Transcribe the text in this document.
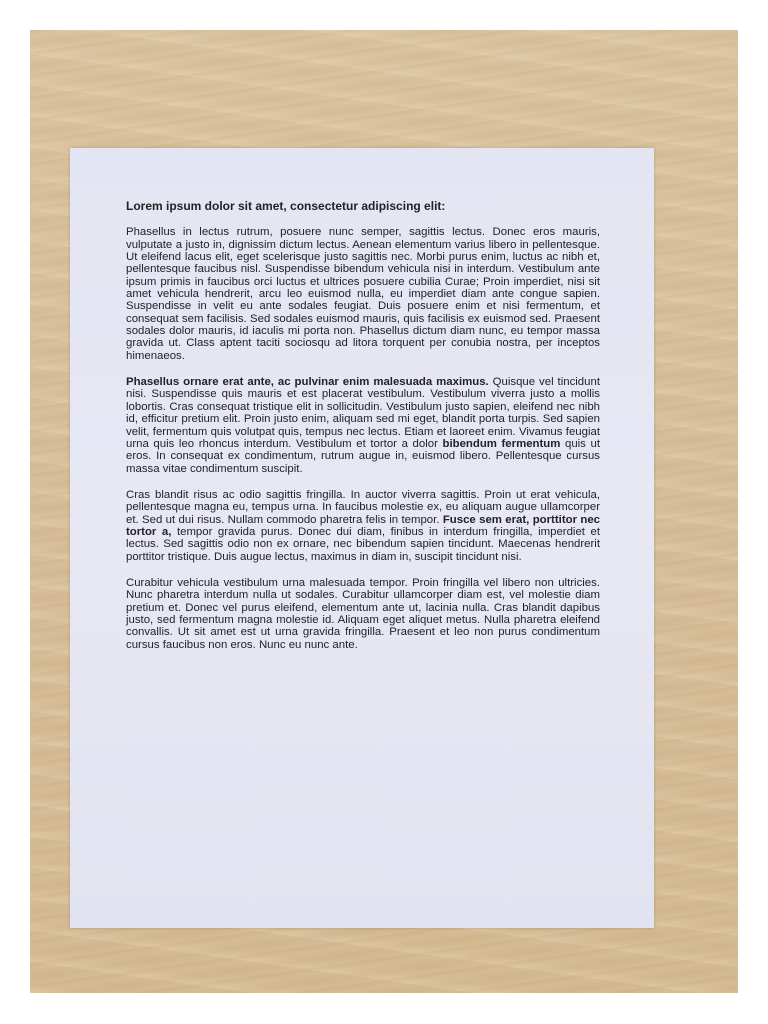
Lorem ipsum dolor sit amet, consectetur adipiscing elit:
Phasellus in lectus rutrum, posuere nunc semper, sagittis lectus. Donec eros mauris, vulputate a justo in, dignissim dictum lectus. Aenean elementum varius libero in pellentesque. Ut eleifend lacus elit, eget scelerisque justo sagittis nec. Morbi purus enim, luctus ac nibh et, pellentesque faucibus nisl. Suspendisse bibendum vehicula nisi in interdum. Vestibulum ante ipsum primis in faucibus orci luctus et ultrices posuere cubilia Curae; Proin imperdiet, nisi sit amet vehicula hendrerit, arcu leo euismod nulla, eu imperdiet diam ante congue sapien. Suspendisse in velit eu ante sodales feugiat. Duis posuere enim et nisi fermentum, et consequat sem facilisis. Sed sodales euismod mauris, quis facilisis ex euismod sed. Praesent sodales dolor mauris, id iaculis mi porta non. Phasellus dictum diam nunc, eu tempor massa gravida ut. Class aptent taciti sociosqu ad litora torquent per conubia nostra, per inceptos himenaeos.
Phasellus ornare erat ante, ac pulvinar enim malesuada maximus. Quisque vel tincidunt nisi. Suspendisse quis mauris et est placerat vestibulum. Vestibulum viverra justo a mollis lobortis. Cras consequat tristique elit in sollicitudin. Vestibulum justo sapien, eleifend nec nibh id, efficitur pretium elit. Proin justo enim, aliquam sed mi eget, blandit porta turpis. Sed sapien velit, fermentum quis volutpat quis, tempus nec lectus. Etiam et laoreet enim. Vivamus feugiat urna quis leo rhoncus interdum. Vestibulum et tortor a dolor bibendum fermentum quis ut eros. In consequat ex condimentum, rutrum augue in, euismod libero. Pellentesque cursus massa vitae condimentum suscipit.
Cras blandit risus ac odio sagittis fringilla. In auctor viverra sagittis. Proin ut erat vehicula, pellentesque magna eu, tempus urna. In faucibus molestie ex, eu aliquam augue ullamcorper et. Sed ut dui risus. Nullam commodo pharetra felis in tempor. Fusce sem erat, porttitor nec tortor a, tempor gravida purus. Donec dui diam, finibus in interdum fringilla, imperdiet et lectus. Sed sagittis odio non ex ornare, nec bibendum sapien tincidunt. Maecenas hendrerit porttitor tristique. Duis augue lectus, maximus in diam in, suscipit tincidunt nisi.
Curabitur vehicula vestibulum urna malesuada tempor. Proin fringilla vel libero non ultricies. Nunc pharetra interdum nulla ut sodales. Curabitur ullamcorper diam est, vel molestie diam pretium et. Donec vel purus eleifend, elementum ante ut, lacinia nulla. Cras blandit dapibus justo, sed fermentum magna molestie id. Aliquam eget aliquet metus. Nulla pharetra eleifend convallis. Ut sit amet est ut urna gravida fringilla. Praesent et leo non purus condimentum cursus faucibus non eros. Nunc eu nunc ante.
